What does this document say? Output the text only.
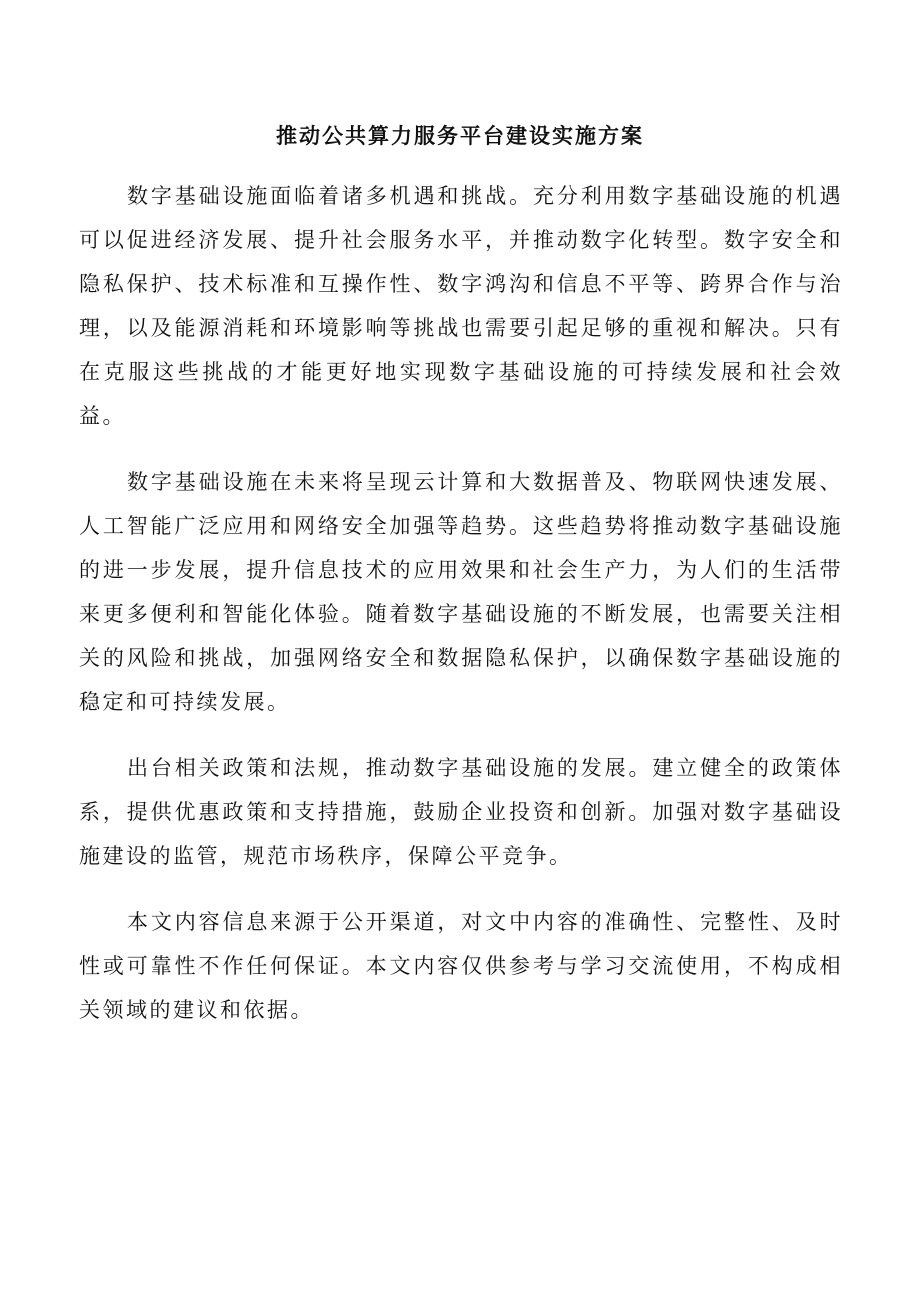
推动公共算力服务平台建设实施方案

数字基础设施面临着诸多机遇和挑战。充分利用数字基础设施的机遇可以促进经济发展、提升社会服务水平，并推动数字化转型。数字安全和隐私保护、技术标准和互操作性、数字鸿沟和信息不平等、跨界合作与治理，以及能源消耗和环境影响等挑战也需要引起足够的重视和解决。只有在克服这些挑战的才能更好地实现数字基础设施的可持续发展和社会效益。

数字基础设施在未来将呈现云计算和大数据普及、物联网快速发展、人工智能广泛应用和网络安全加强等趋势。这些趋势将推动数字基础设施的进一步发展，提升信息技术的应用效果和社会生产力，为人们的生活带来更多便利和智能化体验。随着数字基础设施的不断发展，也需要关注相关的风险和挑战，加强网络安全和数据隐私保护，以确保数字基础设施的稳定和可持续发展。

出台相关政策和法规，推动数字基础设施的发展。建立健全的政策体系，提供优惠政策和支持措施，鼓励企业投资和创新。加强对数字基础设施建设的监管，规范市场秩序，保障公平竞争。

本文内容信息来源于公开渠道，对文中内容的准确性、完整性、及时性或可靠性不作任何保证。本文内容仅供参考与学习交流使用，不构成相关领域的建议和依据。
